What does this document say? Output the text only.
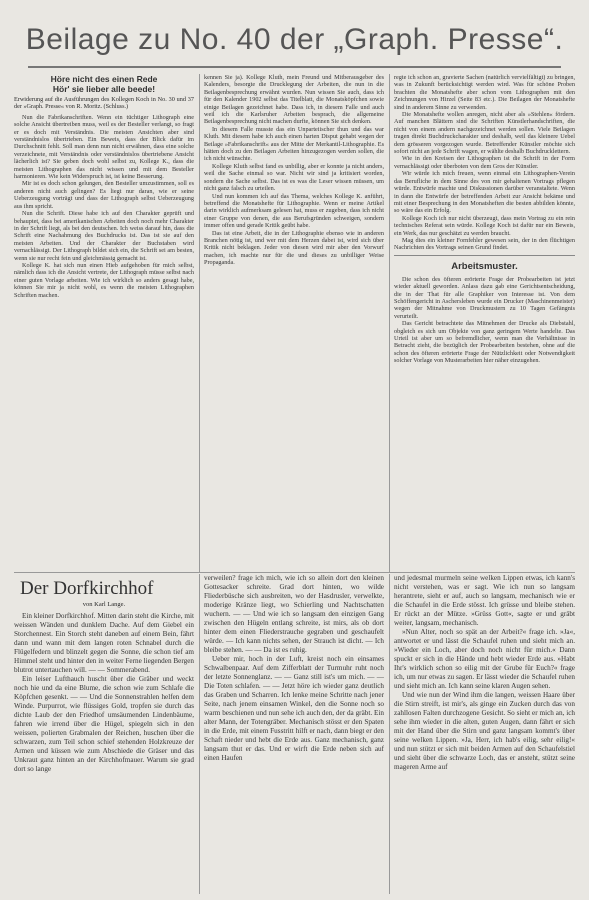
Beilage zu No. 40 der „Graph. Presse“.

Höre nicht des einen Rede

Hör' sie lieber alle beede!

Erwiderung auf die Ausführungen des Kollegen Koch in No. 30 und 37 der »Graph. Presse« von R. Moritz. (Schluss.)

Nun die Fabrikanschriften. Wenn ein tüchtiger Lithograph eine solche Ansicht übertreiben muss, weil es der Besteller verlangt, so fragt er es doch mit Verständnis. Die meisten Ansichten aber sind verständnislos übertrieben. Ein Beweis, dass der Blick dafür im Durchschnitt fehlt. Soll man denn nun nicht erwähnen, dass eine solche verzeichnete, mit Verständnis oder verständnislos übertriebene Ansicht lächerlich ist? Sie geben doch wohl selbst zu, Kollege K., dass die meisten Lithographen das nicht wissen und mit dem Besteller harmonieren. Wie kein Widerspruch ist, ist keine Besserung.

Mir ist es doch schon gelungen, den Besteller umzustimmen, soll es anderen nicht auch gelingen? Es liegt nur daran, wie er seine Ueberzeugung vorträgt und dass der Lithograph selbst Ueberzeugung aus ihm spricht.

Nun die Schrift. Diese habe ich auf den Charakter geprüft und behauptet, dass bei amerikanischen Arbeiten doch noch mehr Charakter in der Schrift liegt, als bei den deutschen. Ich weiss darauf hin, dass die Schrift eine Nachahmung des Buchdrucks ist. Das ist sie auf den meisten Arbeiten. Und der Charakter der Buchstaben wird vernachlässigt. Der Lithograph bildet sich ein, die Schrift sei am besten, wenn sie nur recht fein und gleichmässig gemacht ist.

Kollege K. hat sich nun einen Hieb aufgehoben für mich selbst, nämlich dass ich die Ansicht vertrete, der Lithograph müsse selbst nach einer guten Vorlage arbeiten. Wie ich wirklich so anders gesagt habe, können Sie mir ja nicht wohl, es wenn die meisten Lithographen Schriften machen.

kennen Sie ja). Kollege Kluth, mein Freund und Mitberausgeber des Kalenders, besorgte die Drucklegung der Arbeiten, die nun in die Beilagenbesprechung erwähnt wurden. Nun wissen Sie auch, dass ich für den Kalender 1902 selbst das Titelblatt, die Monatsköpfchen sowie einige Beilagen gezeichnet habe. Dass ich, in diesem Falle und auch weil ich die Karlsruher Arbeiten besprach, die allgemeine Beilagenbesprechung nicht machen durfte, können Sie sich denken.

In diesem Falle musste das ein Unparteiischer thun und das war Kluth. Mit diesem habe ich auch einen harten Disput gehabt wegen der Beilage »Fabrikanschrift« aus der Mitte der Merkantil-Lithographie. Es hätten doch zu den Beilagen Arbeiten hinzugezogen werden sollen, die ich nicht wünschte.

Kollege Kluth selbst fand es unbillig, aber er konnte ja nicht anders, weil die Sache einmal so war. Nicht wir sind ja kritisiert worden, sondern die Sache selbst. Das ist es was die Leser wissen müssen, um nicht ganz falsch zu urteilen.

Und nun kommen ich auf das Thema, welches Kollege K. anführt, betreffend die Monatshefte für Lithographie. Wenn er meine Artikel darin wirklich aufmerksam gelesen hat, muss er zugeben, dass ich nicht einer Gruppe von denen, die aus Berufsgründen schweigen, sondern immer offen und gerade Kritik geübt habe.

Das ist eine Arbeit, die in der Lithographie ebenso wie in anderen Branchen nötig ist, und wer mit dem Herzen dabei ist, wird sich über Kritik nicht beklagen. Jeder von diesen wird mir aber den Vorwurf machen, ich machte nur für die und dieses zu unbilliger Weise Propaganda.

regte ich schon an, gravierte Sachen (natürlich vervielfältigt) zu bringen, was in Zukunft berücksichtigt werden wird. Was für schöne Proben brachten die Monatshefte aber schon vom Lithographen mit den Zeichnungen von Hirzel (Seite 83 etc.). Die Beilagen der Monatshefte sind in anderem Sinne zu verwenden.

Die Monatshefte wollen anregen, nicht aber als »Stehlen« fördern. Auf manchen Blättern sind die Schriften Künstlerhandschriften, die nicht von einem andern nachgezeichnet werden sollen. Viele Beilagen tragen direkt Buchdruckcharakter und deshalb, weil das kleinere Uebel dem grösseren vorgezogen wurde. Betreffender Künstler möchte sich sofort nicht an jede Schrift wagen, er wählte deshalb Buchdrucklettern.

Wie in den Kreisen der Lithographen ist die Schrift in der Form vernachlässigt oder überboten von dem Gros der Künstler.

Wir würde ich mich freuen, wenn einmal ein Lithographen-Verein das Berufliche in dem Sinne des von mir gehaltenen Vortrags pflegen würde. Entwürfe machte und Diskussionen darüber veranstaltete. Wenn in dann die Entwürfe der betreffenden Arbeit zur Ansicht bekäme und mit einer Besprechung in den Monatsheften die besten abbilden könnte, so wäre das ein Erfolg.

Kollege Koch ich nur nicht überzeugt, dass mein Vortrag zu ein rein technisches Referat sein würde. Kollege Koch ist dafür nur ein Beweis, ein Werk, das nur geschätzt zu werden braucht.

Mag dies ein kleiner Fornfehler gewesen sein, der in den flüchtigen Nachrichten des Vortrags seinen Grund findet.

Arbeitsmuster.

Die schon des öfteren erörterte Frage der Probearbeiten ist jetzt wieder aktuell geworden. Anlass dazu gab eine Gerichtsentscheidung, die in der That für alle Graphiker von Interesse ist. Von dem Schöffengericht in Aschersleben wurde ein Drucker (Maschinenmeister) wegen der Mitnahme von Druckmustern zu 10 Tagen Gefängnis verurteilt.

Das Gericht betrachtete das Mitnehmen der Drucke als Diebstahl, obgleich es sich um Objekte von ganz geringem Werte handelte. Das Urteil ist aber um so befremdlicher, wenn man die Verhältnisse in Betracht zieht, die bezüglich der Probearbeiten bestehen, ohne auf die schon des öfteren erörterte Frage der Nützlichkeit oder Notwendigkeit solcher Vorlage von Musterarbeiten hier näher einzugehen.

Der Dorfkirchhof

von Karl Lange.

Ein kleiner Dorfkirchhof. Mitten darin steht die Kirche, mit weissen Wänden und dunklem Dache. Auf dem Giebel ein Storchennest. Ein Storch steht daneben auf einem Bein, fährt dann und wann mit dem langen roten Schnabel durch die Flügelfedern und blinzelt gegen die Sonne, die schon tief am Himmel steht und hinter den in weiter Ferne liegenden Bergen blutrot untertauchen will. — — Sommerabend.

Ein leiser Lufthauch huscht über die Gräber und weckt noch hie und da eine Blume, die schon wie zum Schlafe die Köpfchen gesenkt. — — Und die Sonnenstrahlen helfen dem Winde. Purpurrot, wie flüssiges Gold, tropfen sie durch das dichte Laub der den Friedhof umsäumenden Lindenbäume, fahren wie irrend über die Hügel, spiegeln sich in den weissen, polierten Grabmalen der Reichen, huschen über die schwarzen, zum Teil schon schief stehenden Holzkreuze der Armen und küssen wie zum Abschiede die Gräser und das Unkraut ganz hinten an der Kirchhofmauer. Warum sie grad dort so lange

verweilen? frage ich mich, wie ich so allein dort den kleinen Gottesacker schreite. Grad dort hinten, wo wilde Fliederbüsche sich ausbreiten, wo der Hasdrusler, verwelkte, moderige Kränze liegt, wo Schierling und Nachtschatten wuchern. — — Und wie ich so langsam den einzigen Gang zwischen den Hügeln entlang schreite, ist mirs, als ob dort hinter dem einen Fliederstrauche gegraben und geschaufelt würde. — Ich kann nichts sehen, der Strauch ist dicht. — Ich bleibe stehen. — — Da ist es ruhig.

Ueber mir, hoch in der Luft, kreist noch ein einsames Schwalbenpaar. Auf dem Zifferblatt der Turmuhr ruht noch der letzte Sonnenglanz. — — Ganz still ist's um mich. — — Die Toten schlafen. — — Jetzt höre ich wieder ganz deutlich das Graben und Scharren. Ich lenke meine Schritte nach jener Seite, nach jenem einsamen Winkel, den die Sonne noch so warm beschienen und nun sehe ich auch den, der da gräbt. Ein alter Mann, der Totengräber. Mechanisch stösst er den Spaten in die Erde, mit einem Fusstritt hilft er nach, dann biegt er den Schaft nieder und hebt die Erde aus. Ganz mechanisch, ganz langsam thut er das. Und er wirft die Erde neben sich auf einen Haufen

und jedesmal murmeln seine welken Lippen etwas, ich kann's nicht verstehen, was er sagt. Wie ich nun so langsam herantrete, sieht er auf, auch so langsam, mechanisch wie er die Schaufel in die Erde stösst. Ich grüsse und bleibe stehen. Er rückt an der Mütze. »Grüss Gott«, sagte er und gräbt weiter, langsam, mechanisch.

»Nun Alter, noch so spät an der Arbeit?« frage ich. »Ja«, antwortet er und lässt die Schaufel ruhen und sieht mich an. »Wieder ein Loch, aber doch noch nicht für mich.« Dann spuckt er sich in die Hände und hebt wieder Erde aus. »Habt Ihr's wirklich schon so eilig mit der Grube für Euch?« frage ich, um nur etwas zu sagen. Er lässt wieder die Schaufel ruhen und sieht mich an. Ich kann seine klaren Augen sehen.

Und wie nun der Wind ihm die langen, weissen Haare über die Stirn streift, ist mir's, als ginge ein Zucken durch das von zahllosen Falten durchzogene Gesicht. So sieht er mich an, ich sehe ihm wieder in die alten, guten Augen, dann fährt er sich mit der Hand über die Stirn und ganz langsam kommt's über seine welken Lippen. »Ja, Herr, ich hab's eilig, sehr eilig!« und nun stützt er sich mit beiden Armen auf den Schaufelstiel und sieht über die schwarze Loch, das er ansteht, stützt seine mageren Arme auf
